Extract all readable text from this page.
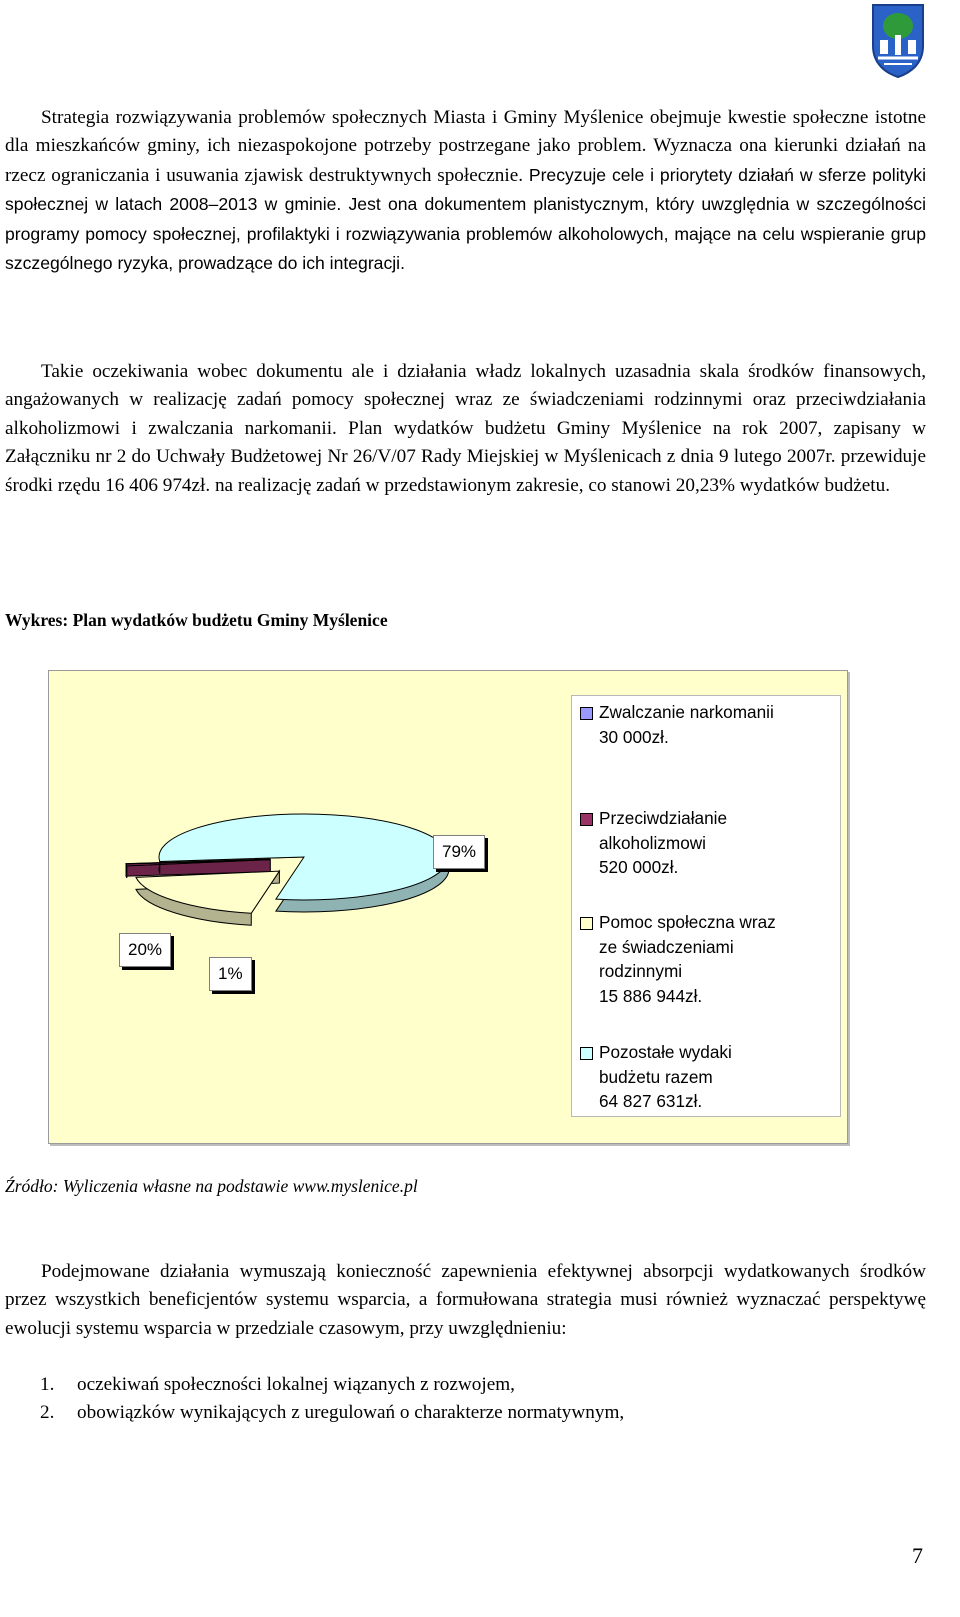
Strategia rozwiązywania problemów społecznych Miasta i Gminy Myślenice obejmuje kwestie społeczne istotne dla mieszkańców gminy, ich niezaspokojone potrzeby postrzegane jako problem. Wyznacza ona kierunki działań na rzecz ograniczania i usuwania zjawisk destruktywnych społecznie. Precyzuje cele i priorytety działań w sferze polityki społecznej w latach 2008–2013 w gminie. Jest ona dokumentem planistycznym, który uwzględnia w szczególności programy pomocy społecznej, profilaktyki i rozwiązywania problemów alkoholowych, mające na celu wspieranie grup szczególnego ryzyka, prowadzące do ich integracji.

Takie oczekiwania wobec dokumentu ale i działania władz lokalnych uzasadnia skala środków finansowych, angażowanych w realizację zadań pomocy społecznej wraz ze świadczeniami rodzinnymi oraz przeciwdziałania alkoholizmowi i zwalczania narkomanii. Plan wydatków budżetu Gminy Myślenice na rok 2007, zapisany w Załączniku nr 2 do Uchwały Budżetowej Nr 26/V/07 Rady Miejskiej w Myślenicach z dnia 9 lutego 2007r. przewiduje środki rzędu 16 406 974zł. na realizację zadań w przedstawionym zakresie, co stanowi 20,23% wydatków budżetu.

Wykres: Plan wydatków budżetu Gminy Myślenice
79%
20%
1%
Zwalczanie narkomanii
30 000zł.
Przeciwdziałanie
alkoholizmowi
520 000zł.
Pomoc społeczna wraz
ze świadczeniami
rodzinnymi
15 886 944zł.
Pozostałe wydaki
budżetu razem
64 827 631zł.
Źródło: Wyliczenia własne na podstawie www.myslenice.pl

Podejmowane działania wymuszają konieczność zapewnienia efektywnej absorpcji wydatkowanych środków przez wszystkich beneficjentów systemu wsparcia, a formułowana strategia musi również wyznaczać perspektywę ewolucji systemu wsparcia w przedziale czasowym, przy uwzględnieniu:

1. oczekiwań społeczności lokalnej wiązanych z rozwojem,
2. obowiązków wynikających z uregulowań o charakterze normatywnym,
7
